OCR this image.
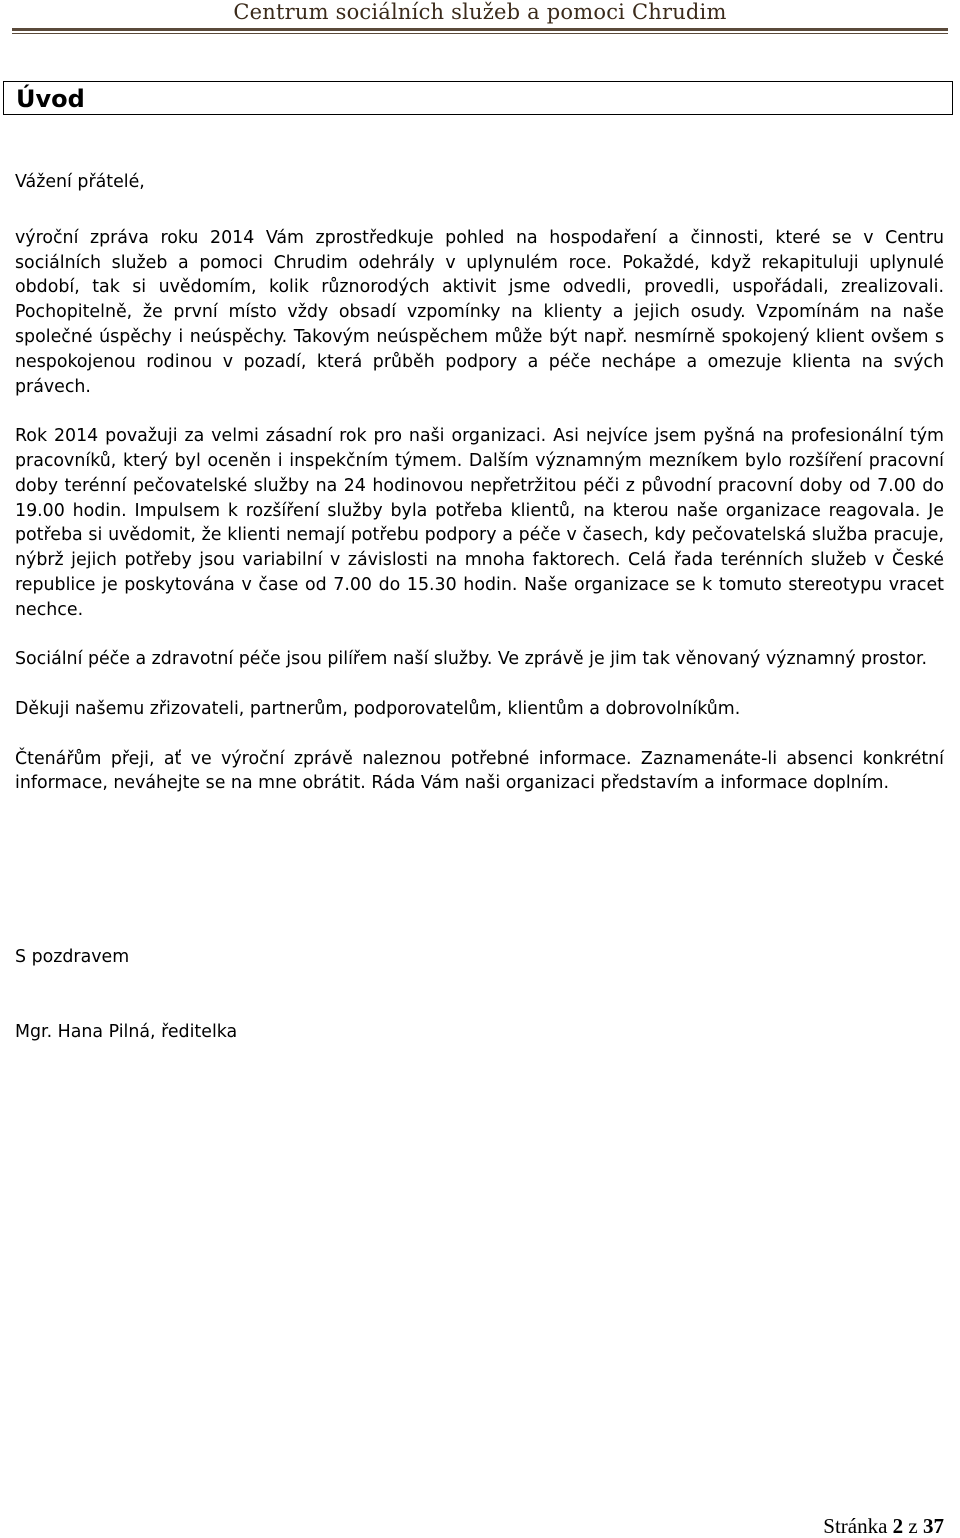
Centrum sociálních služeb a pomoci Chrudim
Úvod

Vážení přátelé,

výroční zpráva roku 2014 Vám zprostředkuje pohled na hospodaření a činnosti, které se v Centru sociálních služeb a pomoci Chrudim odehrály v uplynulém roce. Pokaždé, když rekapituluji uplynulé období, tak si uvědomím, kolik různorodých aktivit jsme odvedli, provedli, uspořádali, zrealizovali. Pochopitelně, že první místo vždy obsadí vzpomínky na klienty a jejich osudy. Vzpomínám na naše společné úspěchy i neúspěchy. Takovým neúspěchem může být např. nesmírně spokojený klient ovšem s nespokojenou rodinou v pozadí, která průběh podpory a péče nechápe a omezuje klienta na svých právech.

Rok 2014 považuji za velmi zásadní rok pro naši organizaci. Asi nejvíce jsem pyšná na profesionální tým pracovníků, který byl oceněn i inspekčním týmem. Dalším významným mezníkem bylo rozšíření pracovní doby terénní pečovatelské služby na 24 hodinovou nepřetržitou péči z původní pracovní doby od 7.00 do 19.00 hodin. Impulsem k rozšíření služby byla potřeba klientů, na kterou naše organizace reagovala. Je potřeba si uvědomit, že klienti nemají potřebu podpory a péče v časech, kdy pečovatelská služba pracuje, nýbrž jejich potřeby jsou variabilní v závislosti na mnoha faktorech. Celá řada terénních služeb v České republice je poskytována v čase od 7.00 do 15.30 hodin. Naše organizace se k tomuto stereotypu vracet nechce.

Sociální péče a zdravotní péče jsou pilířem naší služby. Ve zprávě je jim tak věnovaný významný prostor.

Děkuji našemu zřizovateli, partnerům, podporovatelům, klientům a dobrovolníkům.

Čtenářům přeji, ať ve výroční zprávě naleznou potřebné informace. Zaznamenáte-li absenci konkrétní informace, neváhejte se na mne obrátit. Ráda Vám naši organizaci představím a informace doplním.

S pozdravem
Mgr. Hana Pilná, ředitelka
Stránka 2 z 37
